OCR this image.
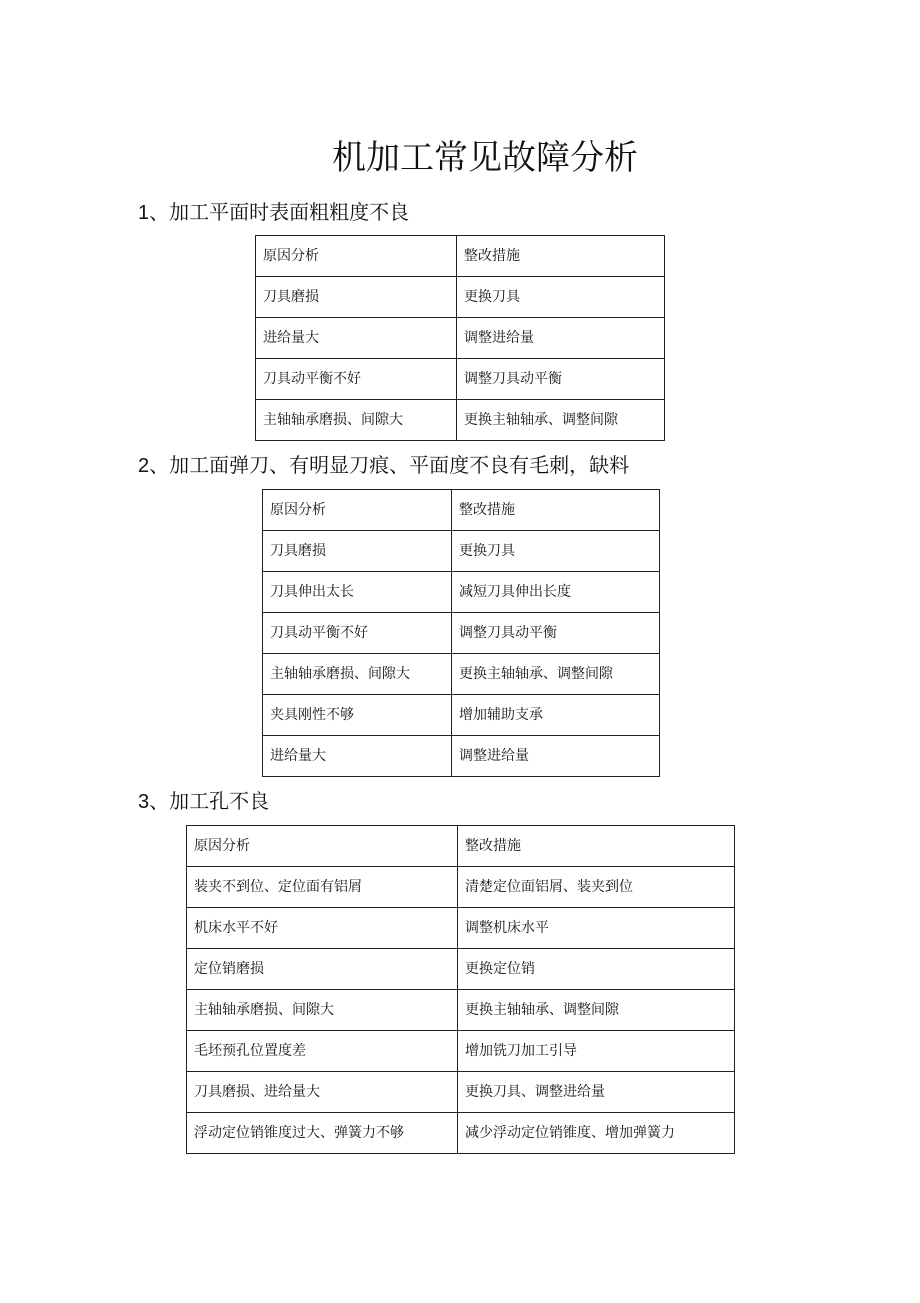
机加工常见故障分析
1、加工平面时表面粗粗度不良
原因分析	整改措施
刀具磨损	更换刀具
进给量大	调整进给量
刀具动平衡不好	调整刀具动平衡
主轴轴承磨损、间隙大	更换主轴轴承、调整间隙
2、加工面弹刀、有明显刀痕、平面度不良有毛刺，缺料
原因分析	整改措施
刀具磨损	更换刀具
刀具伸出太长	减短刀具伸出长度
刀具动平衡不好	调整刀具动平衡
主轴轴承磨损、间隙大	更换主轴轴承、调整间隙
夹具刚性不够	增加辅助支承
进给量大	调整进给量
3、加工孔不良
原因分析	整改措施
装夹不到位、定位面有铝屑	清楚定位面铝屑、装夹到位
机床水平不好	调整机床水平
定位销磨损	更换定位销
主轴轴承磨损、间隙大	更换主轴轴承、调整间隙
毛坯预孔位置度差	增加铣刀加工引导
刀具磨损、进给量大	更换刀具、调整进给量
浮动定位销锥度过大、弹簧力不够	减少浮动定位销锥度、增加弹簧力
